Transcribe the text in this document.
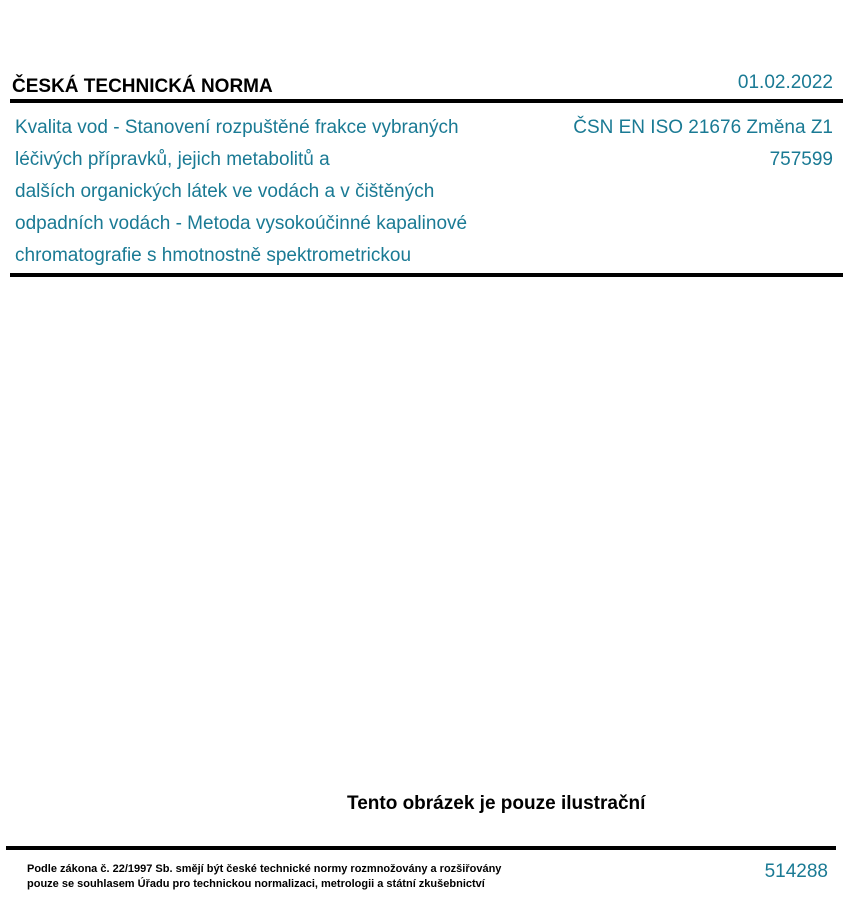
ČESKÁ TECHNICKÁ NORMA	01.02.2022
Kvalita vod - Stanovení rozpuštěné frakce vybraných
léčivých přípravků, jejich metabolitů a
dalších organických látek ve vodách a v čištěných
odpadních vodách - Metoda vysokoúčinné kapalinové
chromatografie s hmotnostně spektrometrickou
ČSN EN ISO 21676 Změna Z1
757599
Tento obrázek je pouze ilustrační
Podle zákona č. 22/1997 Sb. smějí být české technické normy rozmnožovány a rozšiřovány
pouze se souhlasem Úřadu pro technickou normalizaci, metrologii a státní zkušebnictví
514288
